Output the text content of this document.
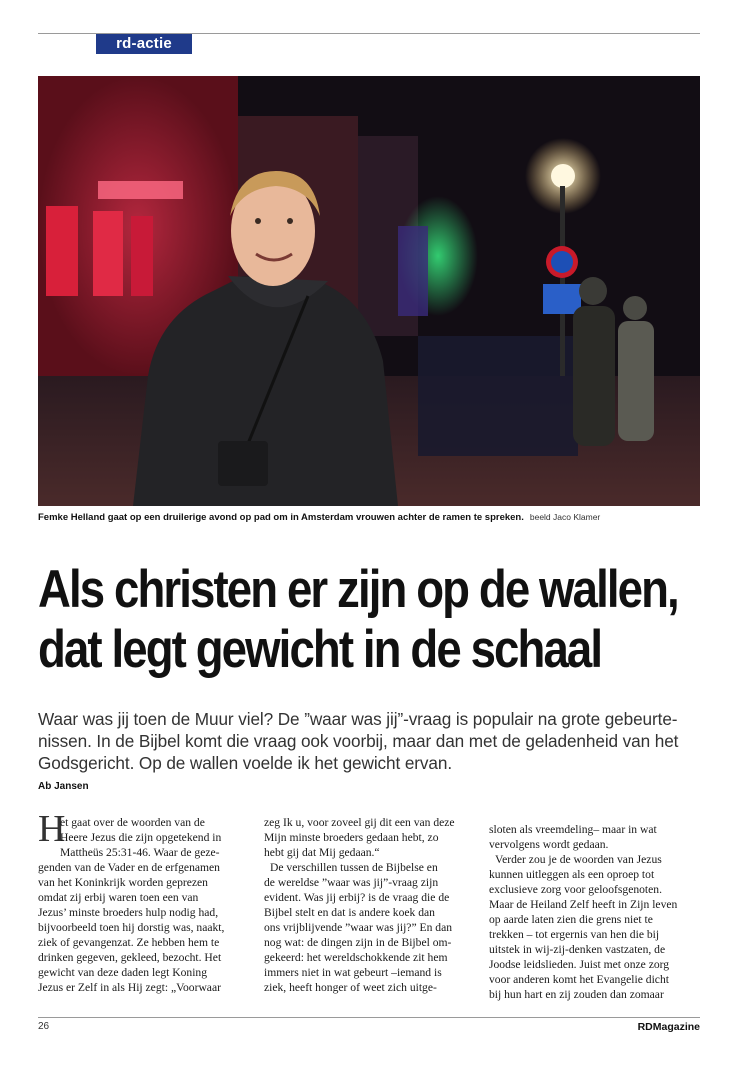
rd-actie
Femke Helland gaat op een druilerige avond op pad om in Amsterdam vrouwen achter de ramen te spreken. beeld Jaco Klamer
Als christen er zijn op de wallen,
dat legt gewicht in de schaal
Waar was jij toen de Muur viel? De ”waar was jij”-vraag is populair na grote gebeurte-
nissen. In de Bijbel komt die vraag ook voorbij, maar dan met de geladenheid van het
Godsgericht. Op de wallen voelde ik het gewicht ervan.
Ab Jansen
H
et gaat over de woorden van de
Heere Jezus die zijn opgetekend in
Mattheüs 25:31-46. Waar de geze-
genden van de Vader en de erfgenamen
van het Koninkrijk worden geprezen
omdat zij erbij waren toen een van
Jezus’ minste broeders hulp nodig had,
bijvoorbeeld toen hij dorstig was, naakt,
ziek of gevangenzat. Ze hebben hem te
drinken gegeven, gekleed, bezocht. Het
gewicht van deze daden legt Koning
Jezus er Zelf in als Hij zegt: „Voorwaar
zeg Ik u, voor zoveel gij dit een van deze
Mijn minste broeders gedaan hebt, zo
hebt gij dat Mij gedaan.“
De verschillen tussen de Bijbelse en
de wereldse ”waar was jij”-vraag zijn
evident. Was jij erbij? is de vraag die de
Bijbel stelt en dat is andere koek dan
ons vrijblijvende ”waar was jij?” En dan
nog wat: de dingen zijn in de Bijbel om-
gekeerd: het wereldschokkende zit hem
immers niet in wat gebeurt –iemand is
ziek, heeft honger of weet zich uitge-
sloten als vreemdeling– maar in wat
vervolgens wordt gedaan.
Verder zou je de woorden van Jezus
kunnen uitleggen als een oproep tot
exclusieve zorg voor geloofsgenoten.
Maar de Heiland Zelf heeft in Zijn leven
op aarde laten zien die grens niet te
trekken – tot ergernis van hen die bij
uitstek in wij-zij-denken vastzaten, de
Joodse leidslieden. Juist met onze zorg
voor anderen komt het Evangelie dicht
bij hun hart en zij zouden dan zomaar
26	RDMagazine
